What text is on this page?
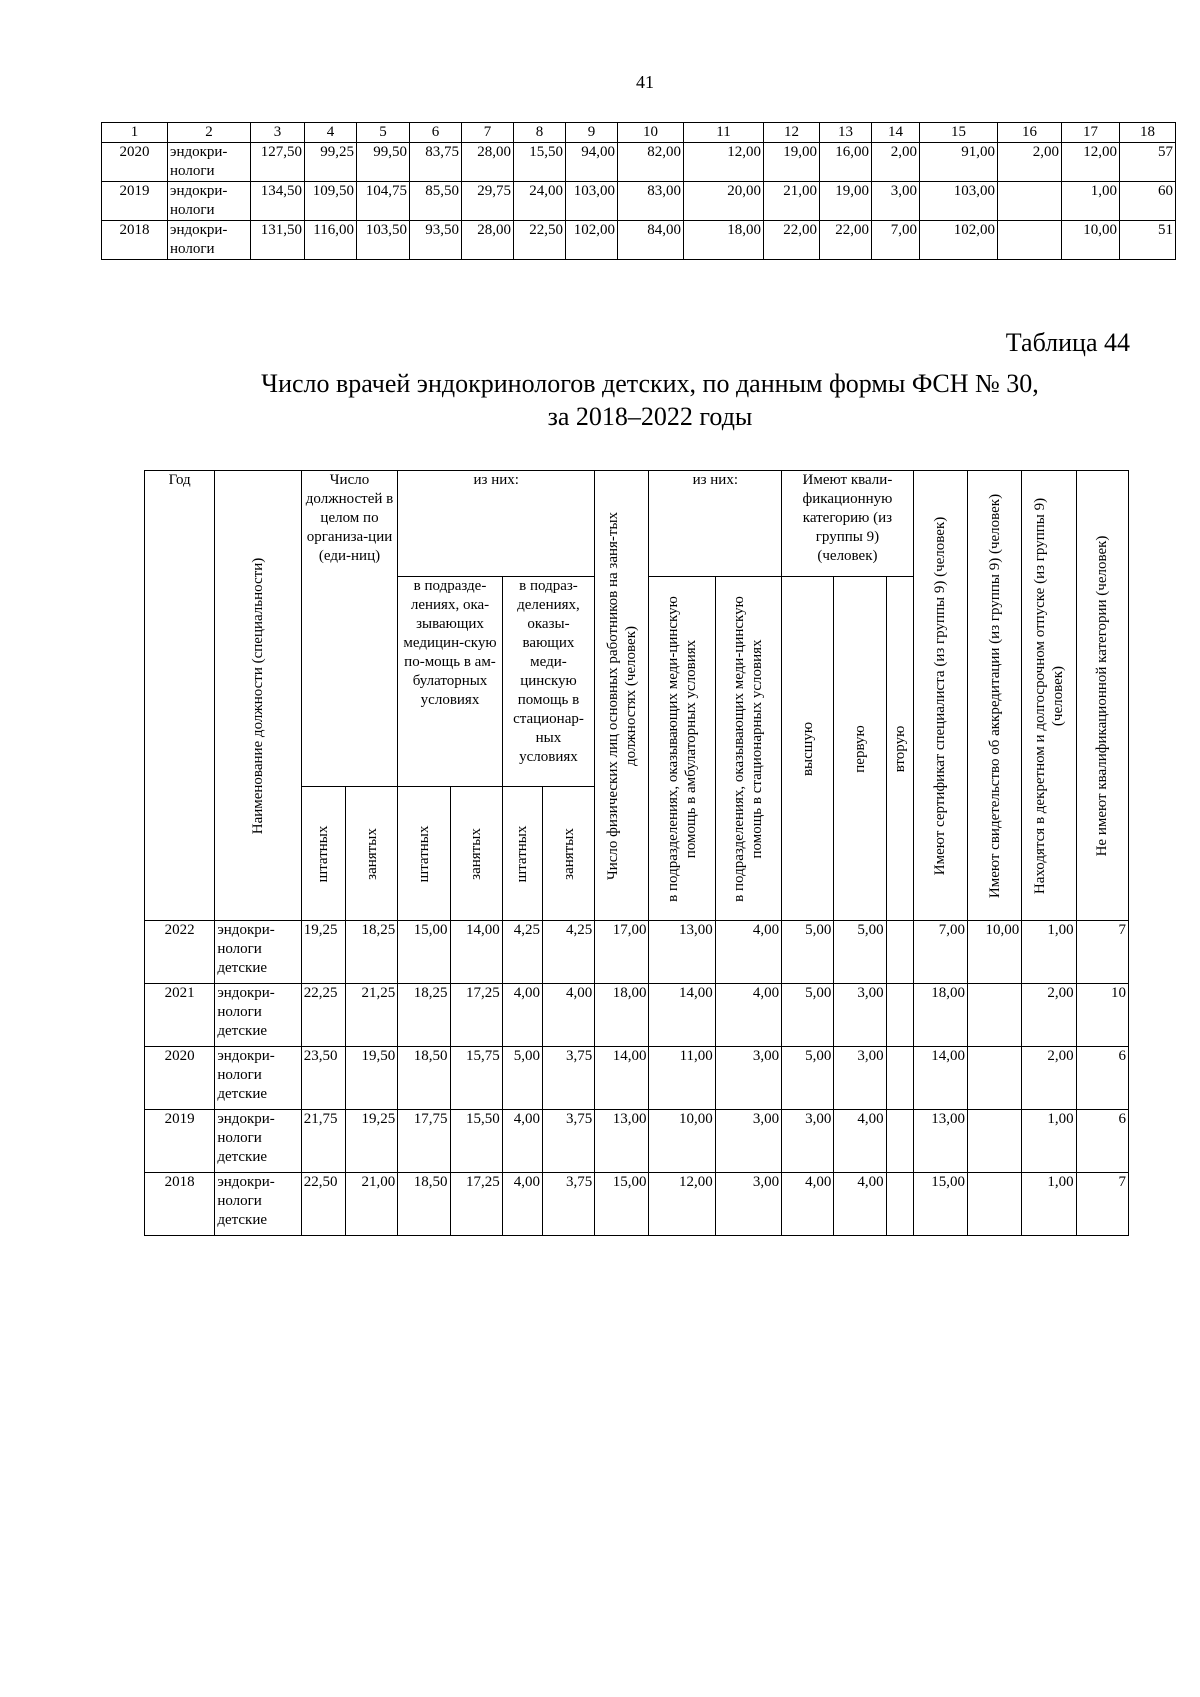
41
1	2	3	4	5	6	7	8	9	10	11	12	13	14	15	16	17	18
2020	эндокри-нологи	127,50	99,25	99,50	83,75	28,00	15,50	94,00	82,00	12,00	19,00	16,00	2,00	91,00	2,00	12,00	57
2019	эндокри-нологи	134,50	109,50	104,75	85,50	29,75	24,00	103,00	83,00	20,00	21,00	19,00	3,00	103,00		1,00	60
2018	эндокри-нологи	131,50	116,00	103,50	93,50	28,00	22,50	102,00	84,00	18,00	22,00	22,00	7,00	102,00		10,00	51
Таблица 44
Число врачей эндокринологов детских, по данным формы ФСН № 30,
за 2018–2022 годы
Год	Наименование должности (специальности)	Число должностей в целом по организа-ции (еди-ниц)		из них:				Число физических лиц основных работников на заня-тых должностях (человек)	из них:		Имеют квали-фикационную категорию (из группы 9) (человек)			Имеют сертификат специалиста (из группы 9) (человек)	Имеют свидетельство об аккредитации (из группы 9) (человек)	Находятся в декретном и долгосрочном отпуске (из группы 9) (человек)	Не имеют квалификационной категории (человек)

				в подразде-лениях, ока-зывающих медицин-скую по-мощь в ам-булаторных условиях		в подраз-делениях, оказы-вающих меди-цинскую помощь в стационар-ных условиях			в подразделениях, оказывающих меди-цинскую помощь в амбулаторных условиях	в подразделениях, оказывающих меди-цинскую помощь в стационарных условиях	высшую	первую	вторую				

		штатных	занятых	штатных	занятых	штатных	занятых										

2022	эндокри-нологи детские	19,25	18,25	15,00	14,00	4,25	4,25	17,00	13,00	4,00	5,00	5,00		7,00	10,00	1,00	7
2021	эндокри-нологи детские	22,25	21,25	18,25	17,25	4,00	4,00	18,00	14,00	4,00	5,00	3,00		18,00		2,00	10
2020	эндокри-нологи детские	23,50	19,50	18,50	15,75	5,00	3,75	14,00	11,00	3,00	5,00	3,00		14,00		2,00	6
2019	эндокри-нологи детские	21,75	19,25	17,75	15,50	4,00	3,75	13,00	10,00	3,00	3,00	4,00		13,00		1,00	6
2018	эндокри-нологи детские	22,50	21,00	18,50	17,25	4,00	3,75	15,00	12,00	3,00	4,00	4,00		15,00		1,00	7
